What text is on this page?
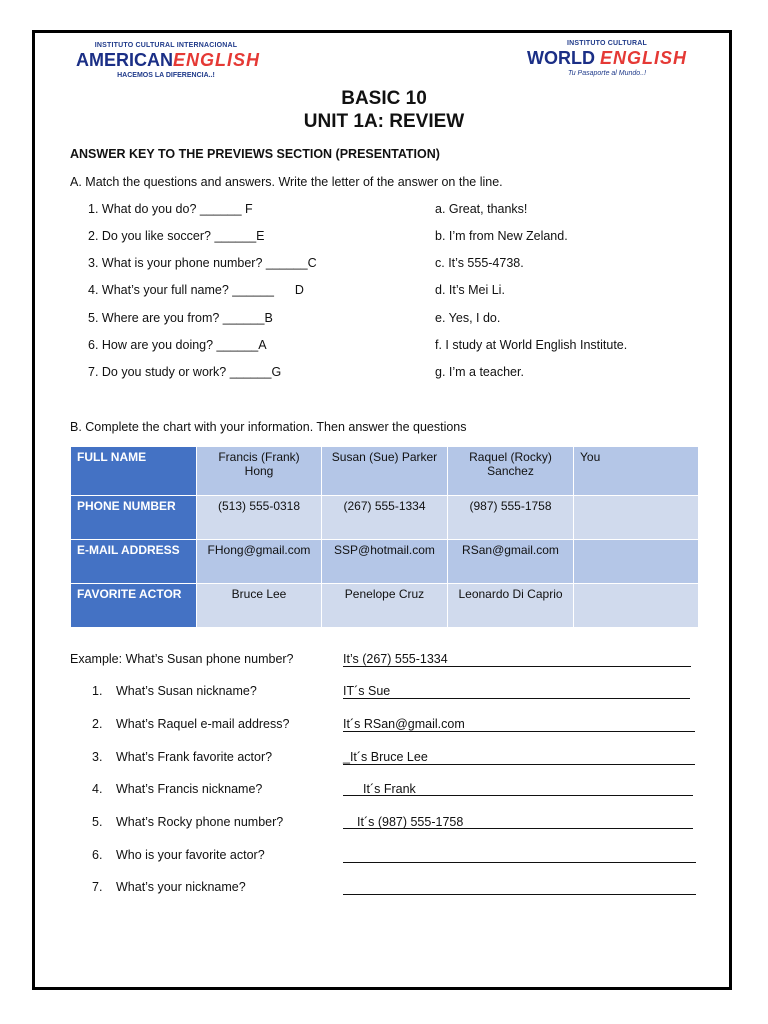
INSTITUTO CULTURAL INTERNACIONAL
AMERICANENGLISH
HACEMOS LA DIFERENCIA..!
INSTITUTO CULTURAL
WORLD ENGLISH
Tu Pasaporte al Mundo..!
BASIC 10
UNIT 1A: REVIEW
ANSWER KEY TO THE PREVIEWS SECTION (PRESENTATION)
A. Match the questions and answers. Write the letter of the answer on the line.
1. What do you do? ______ F
2. Do you like soccer? ______E
3. What is your phone number? ______C
4. What’s your full name? ______      D
5. Where are you from? ______B
6. How are you doing? ______A
7. Do you study or work? ______G
a. Great, thanks!
b. I’m from New Zeland.
c. It’s 555-4738.
d. It’s Mei Li.
e. Yes, I do.
f. I study at World English Institute.
g. I’m a teacher.
B. Complete the chart with your information. Then answer the questions
FULL NAME	Francis (Frank) Hong	Susan (Sue) Parker	Raquel (Rocky) Sanchez	You
PHONE NUMBER	(513) 555-0318	(267) 555-1334	(987) 555-1758	
E-MAIL ADDRESS	FHong@gmail.com	SSP@hotmail.com	RSan@gmail.com	
FAVORITE ACTOR	Bruce Lee	Penelope Cruz	Leonardo Di Caprio	
Example: What’s Susan phone number?	It’s (267) 555-1334
1. What’s Susan nickname?	IT´s Sue
2. What’s Raquel e-mail address?	It´s RSan@gmail.com
3. What’s Frank favorite actor?	_It´s Bruce Lee
4. What’s Francis nickname?	It´s Frank
5. What’s Rocky phone number?	It´s (987) 555-1758
6. Who is your favorite actor?
7. What’s your nickname?
